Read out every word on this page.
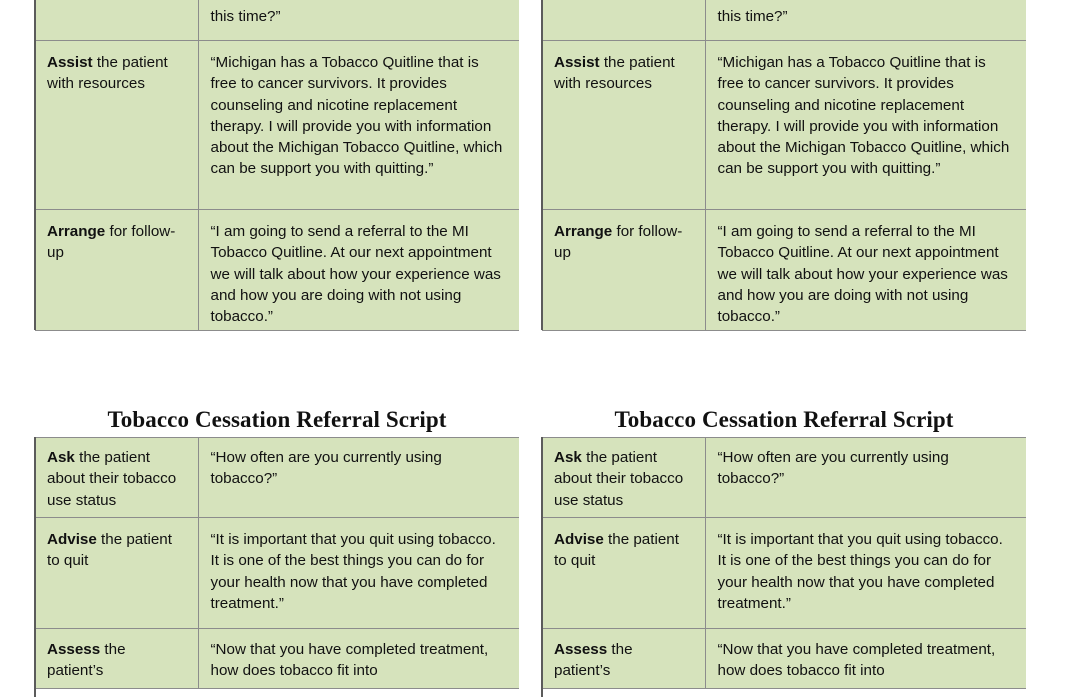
	this time?”
Assist the patient with resources	“Michigan has a Tobacco Quitline that is free to cancer survivors. It provides counseling and nicotine replacement therapy. I will provide you with information about the Michigan Tobacco Quitline, which can be support you with quitting.”
Arrange for follow-up	“I am going to send a referral to the MI Tobacco Quitline. At our next appointment we will talk about how your experience was and how you are doing with not using tobacco.”
	this time?”
Assist the patient with resources	“Michigan has a Tobacco Quitline that is free to cancer survivors. It provides counseling and nicotine replacement therapy. I will provide you with information about the Michigan Tobacco Quitline, which can be support you with quitting.”
Arrange for follow-up	“I am going to send a referral to the MI Tobacco Quitline. At our next appointment we will talk about how your experience was and how you are doing with not using tobacco.”
Tobacco Cessation Referral Script
Ask the patient about their tobacco use status	“How often are you currently using tobacco?”
Advise the patient to quit	“It is important that you quit using tobacco. It is one of the best things you can do for your health now that you have completed treatment.”
Assess the patient’s	“Now that you have completed treatment, how does tobacco fit into
Tobacco Cessation Referral Script
Ask the patient about their tobacco use status	“How often are you currently using tobacco?”
Advise the patient to quit	“It is important that you quit using tobacco. It is one of the best things you can do for your health now that you have completed treatment.”
Assess the patient’s	“Now that you have completed treatment, how does tobacco fit into
